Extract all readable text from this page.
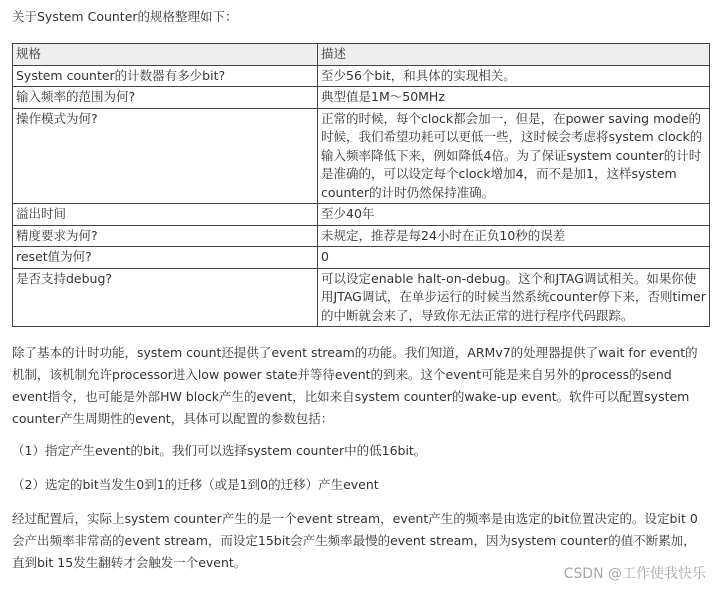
关于System Counter的规格整理如下：
规格	描述
System counter的计数器有多少bit?	至少56个bit，和具体的实现相关。
输入频率的范围为何?	典型值是1M～50MHz
操作模式为何?	正常的时候，每个clock都会加一，但是，在power saving mode的时候，我们希望功耗可以更低一些，这时候会考虑将system clock的输入频率降低下来，例如降低4倍。为了保证system counter的计时是准确的，可以设定每个clock增加4，而不是加1，这样system counter的计时仍然保持准确。
溢出时间	至少40年
精度要求为何?	未规定，推荐是每24小时在正负10秒的误差
reset值为何?	0
是否支持debug?	可以设定enable halt-on-debug。这个和JTAG调试相关。如果你使用JTAG调试，在单步运行的时候当然系统counter停下来，否则timer的中断就会来了，导致你无法正常的进行程序代码跟踪。
除了基本的计时功能，system count还提供了event stream的功能。我们知道，ARMv7的处理器提供了wait for event的机制，该机制允许processor进入low power state并等待event的到来。这个event可能是来自另外的process的send event指令，也可能是外部HW block产生的event，比如来自system counter的wake-up event。软件可以配置system counter产生周期性的event，具体可以配置的参数包括：
（1）指定产生event的bit。我们可以选择system counter中的低16bit。
（2）选定的bit当发生0到1的迁移（或是1到0的迁移）产生event
经过配置后，实际上system counter产生的是一个event stream，event产生的频率是由选定的bit位置决定的。设定bit 0会产出频率非常高的event stream，而设定15bit会产生频率最慢的event stream，因为system counter的值不断累加，直到bit 15发生翻转才会触发一个event。
CSDN @工作使我快乐
